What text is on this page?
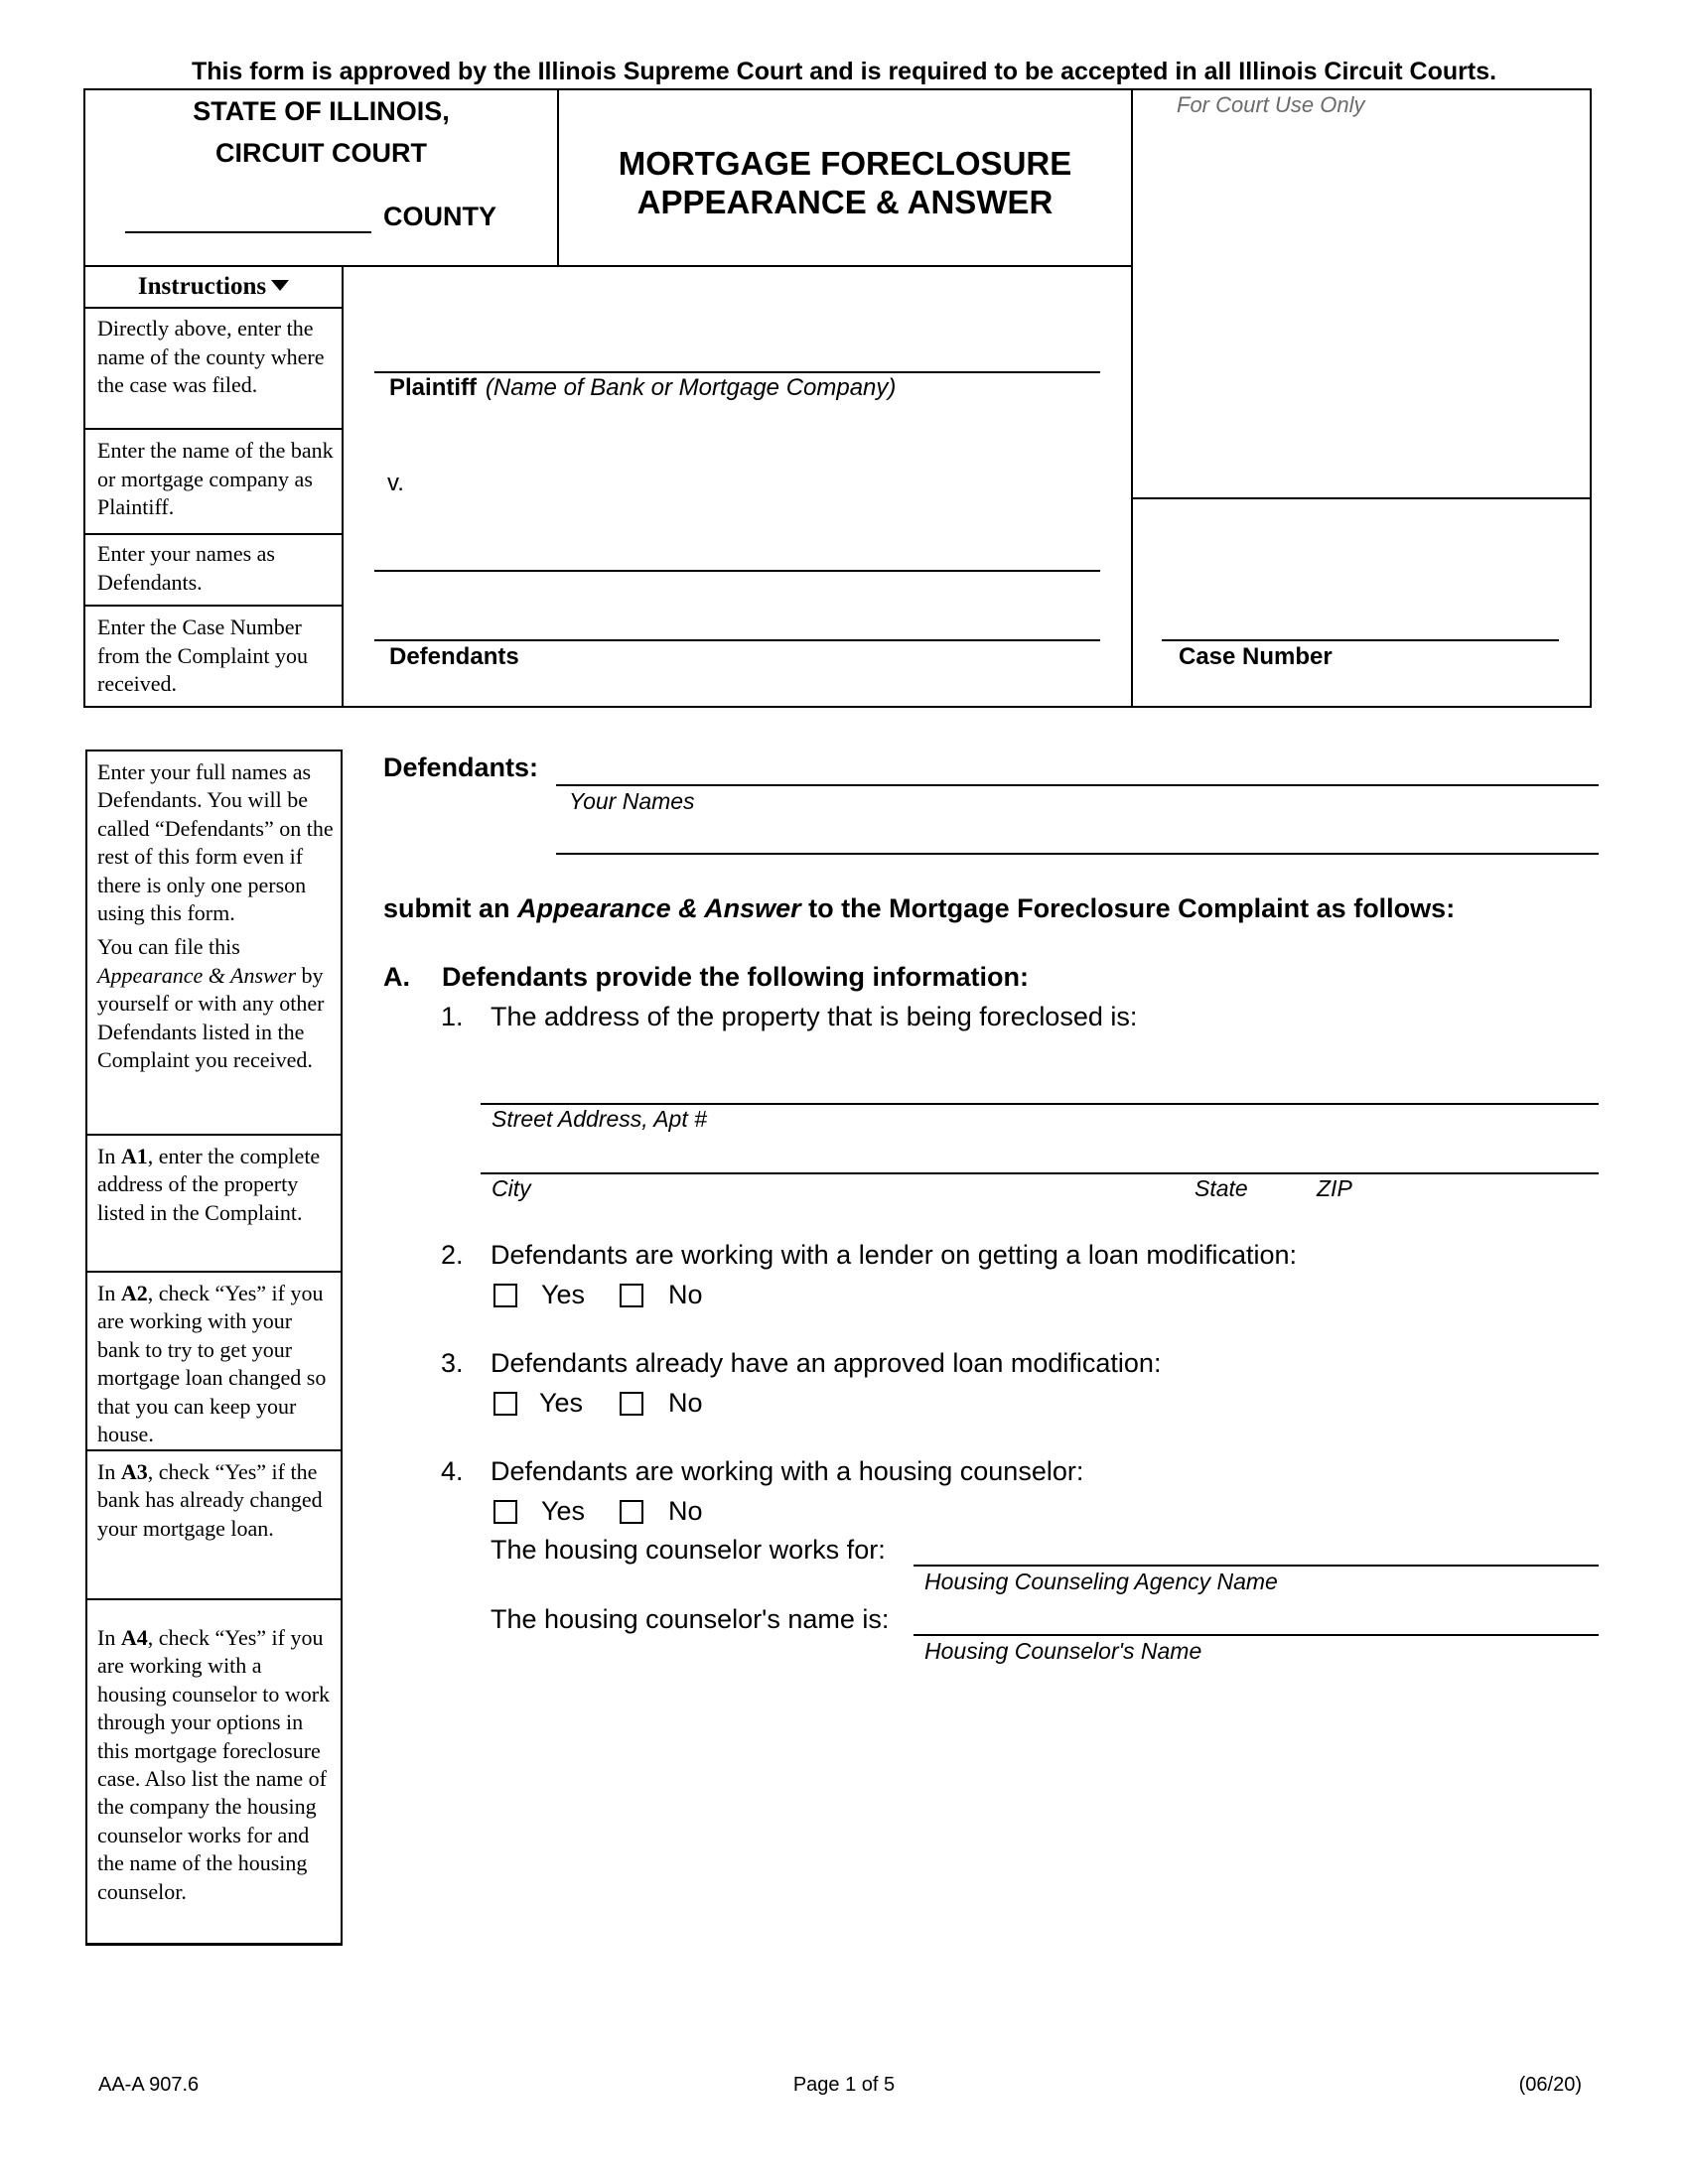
This form is approved by the Illinois Supreme Court and is required to be accepted in all Illinois Circuit Courts.
STATE OF ILLINOIS,
CIRCUIT COURT
COUNTY
MORTGAGE FORECLOSURE
APPEARANCE & ANSWER
For Court Use Only
Instructions
Directly above, enter the name of the county where the case was filed.
Enter the name of the bank or mortgage company as Plaintiff.
Enter your names as Defendants.
Enter the Case Number from the Complaint you received.
Plaintiff (Name of Bank or Mortgage Company)
v.
Defendants	Case Number
Enter your full names as Defendants. You will be called “Defendants” on the rest of this form even if there is only one person using this form.
You can file this Appearance & Answer by yourself or with any other Defendants listed in the Complaint you received.
In A1, enter the complete address of the property listed in the Complaint.
In A2, check “Yes” if you are working with your bank to try to get your mortgage loan changed so that you can keep your house.
In A3, check “Yes” if the bank has already changed your mortgage loan.
In A4, check “Yes” if you are working with a housing counselor to work through your options in this mortgage foreclosure case. Also list the name of the company the housing counselor works for and the name of the housing counselor.
Defendants:
Your Names
submit an Appearance & Answer to the Mortgage Foreclosure Complaint as follows:
A. Defendants provide the following information:
1. The address of the property that is being foreclosed is:
Street Address, Apt #
City	State	ZIP
2. Defendants are working with a lender on getting a loan modification:
Yes	No
3. Defendants already have an approved loan modification:
Yes	No
4. Defendants are working with a housing counselor:
Yes	No
The housing counselor works for:
Housing Counseling Agency Name
The housing counselor's name is:
Housing Counselor's Name
AA-A 907.6	Page 1 of 5	(06/20)
